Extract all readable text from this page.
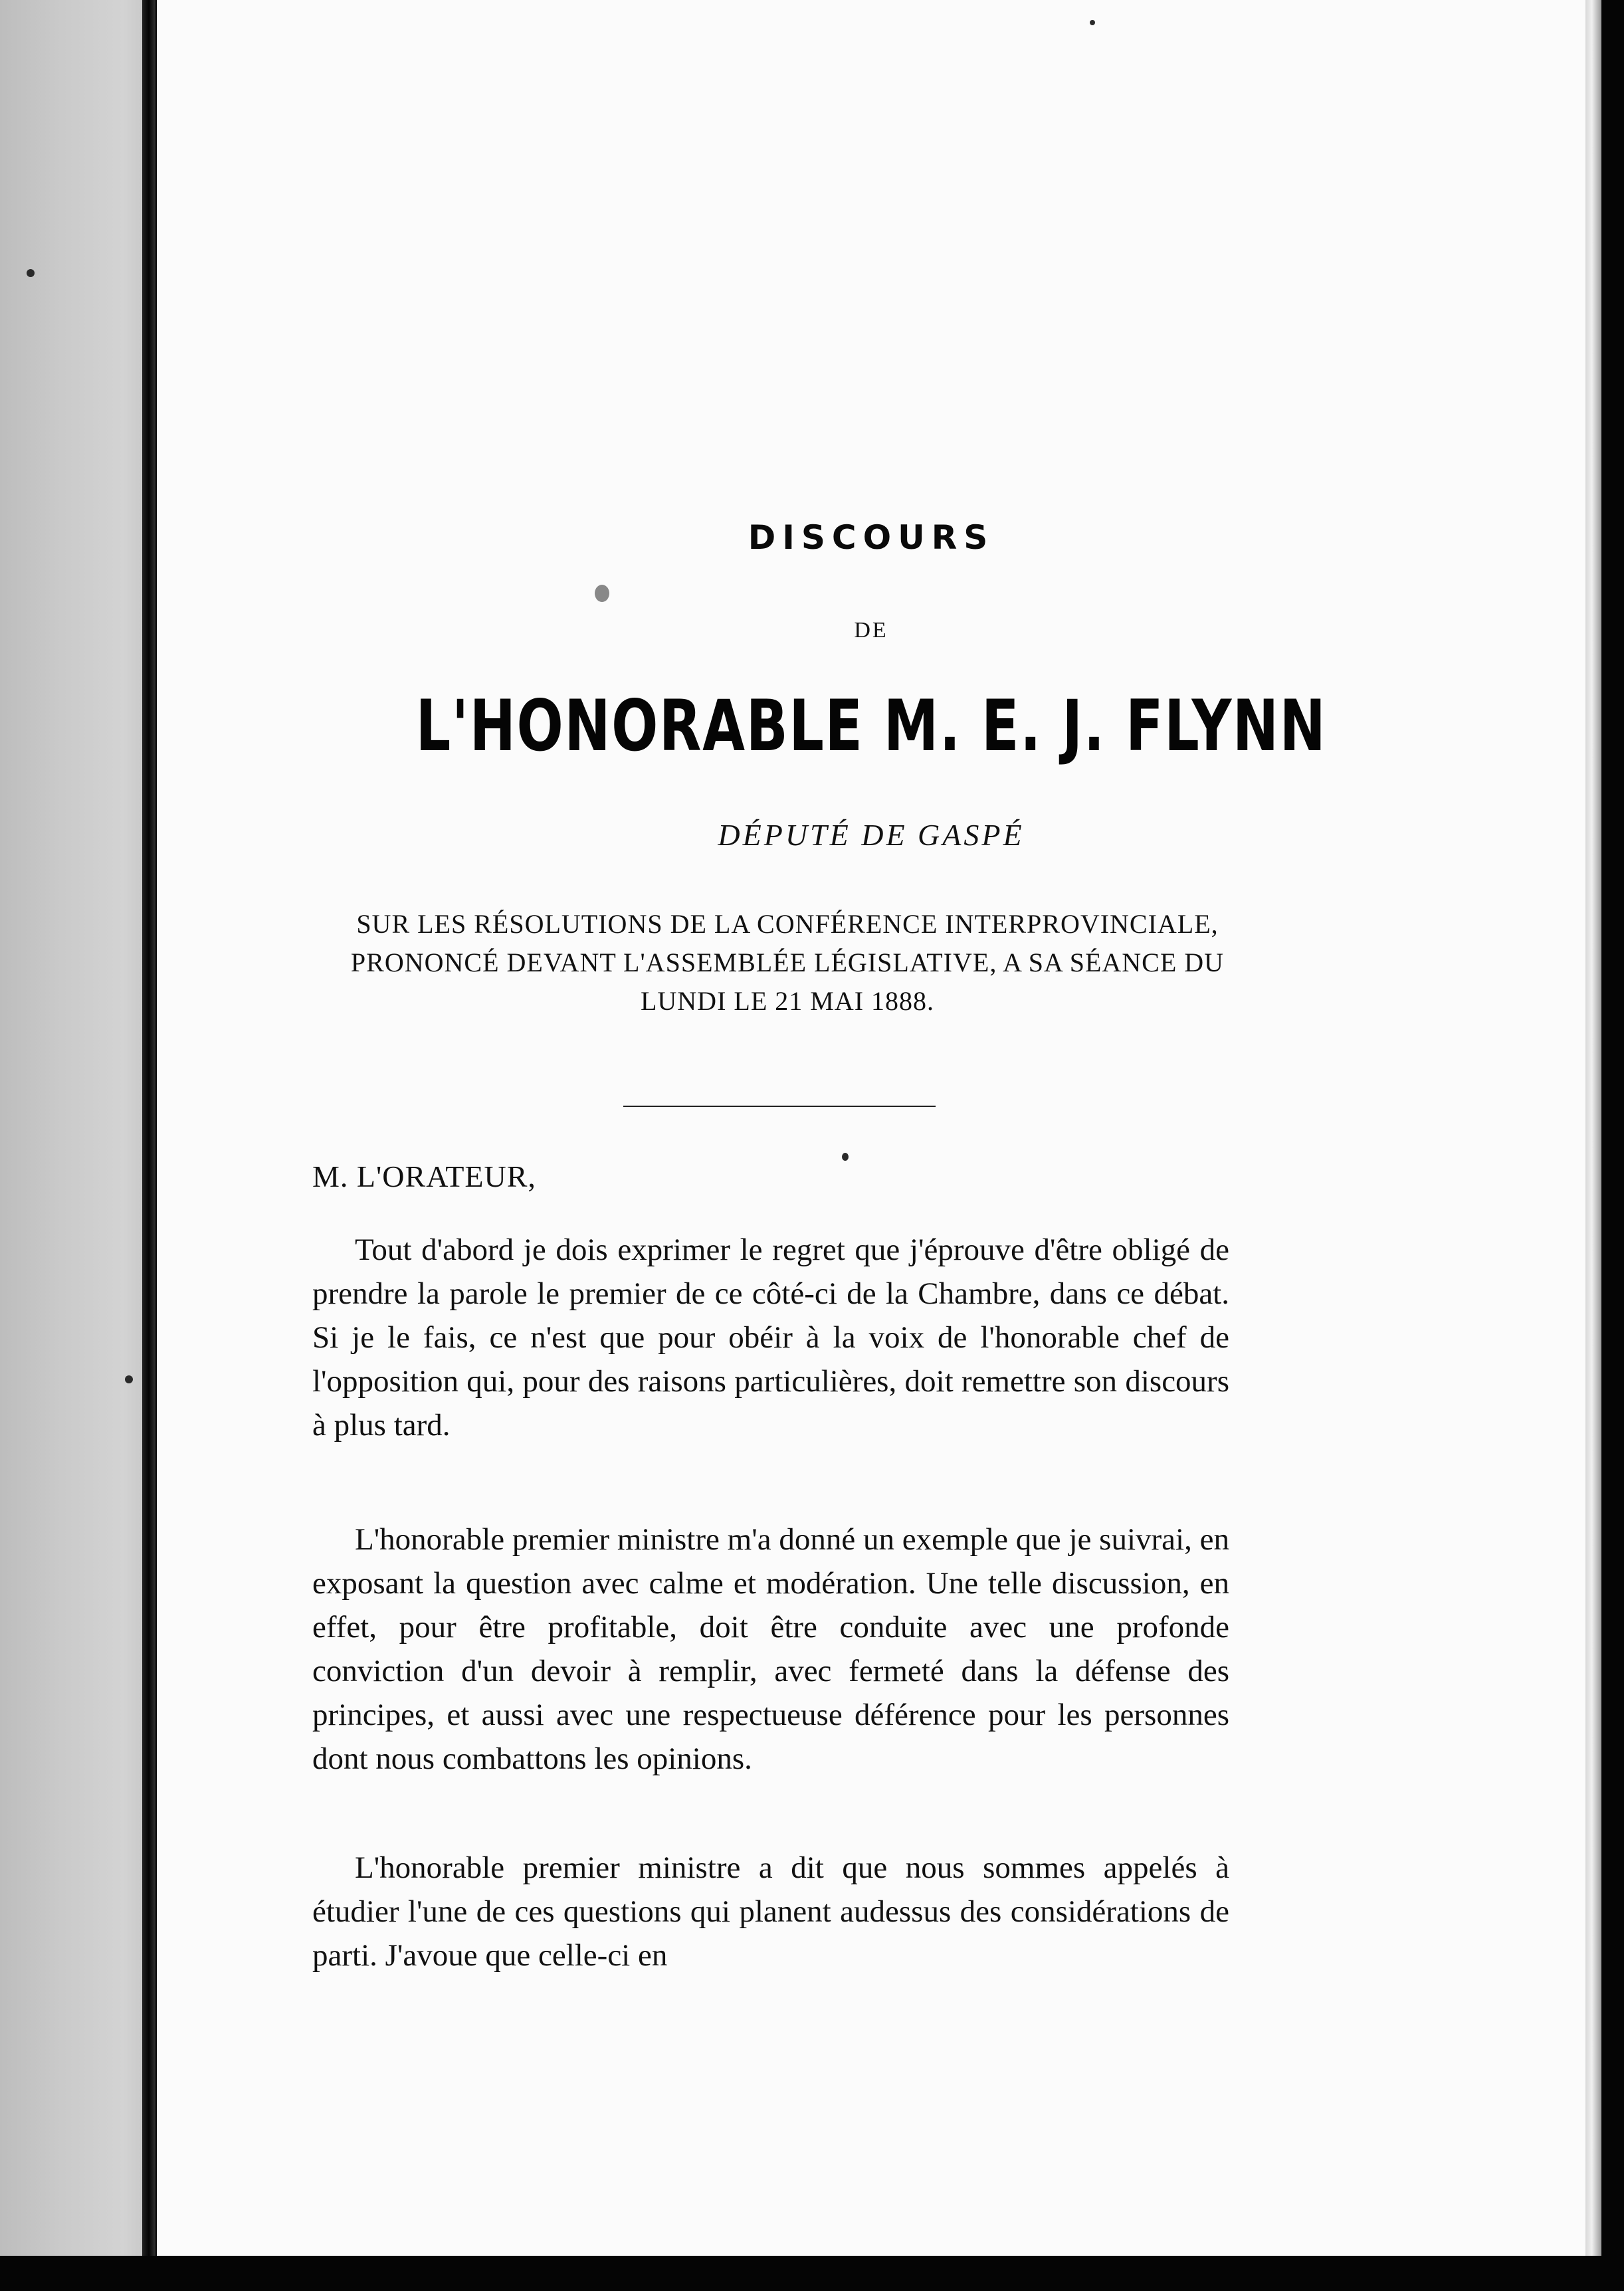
DISCOURS
DE
L'HONORABLE M. E. J. FLYNN
DÉPUTÉ DE GASPÉ
SUR LES RÉSOLUTIONS DE LA CONFÉRENCE INTERPROVINCIALE, PRONONCÉ DEVANT L'ASSEMBLÉE LÉGISLATIVE, A SA SÉANCE DU LUNDI LE 21 MAI 1888.
M. L'ORATEUR,

Tout d'abord je dois exprimer le regret que j'éprouve d'être obligé de prendre la parole le premier de ce côté-ci de la Chambre, dans ce débat. Si je le fais, ce n'est que pour obéir à la voix de l'honorable chef de l'opposition qui, pour des raisons particulières, doit remettre son discours à plus tard.

L'honorable premier ministre m'a donné un exemple que je suivrai, en exposant la question avec calme et modération. Une telle discussion, en effet, pour être profitable, doit être conduite avec une profonde conviction d'un devoir à remplir, avec fermeté dans la défense des principes, et aussi avec une respectueuse déférence pour les personnes dont nous combattons les opinions.

L'honorable premier ministre a dit que nous sommes appelés à étudier l'une de ces questions qui planent audessus des considérations de parti. J'avoue que celle-ci en
